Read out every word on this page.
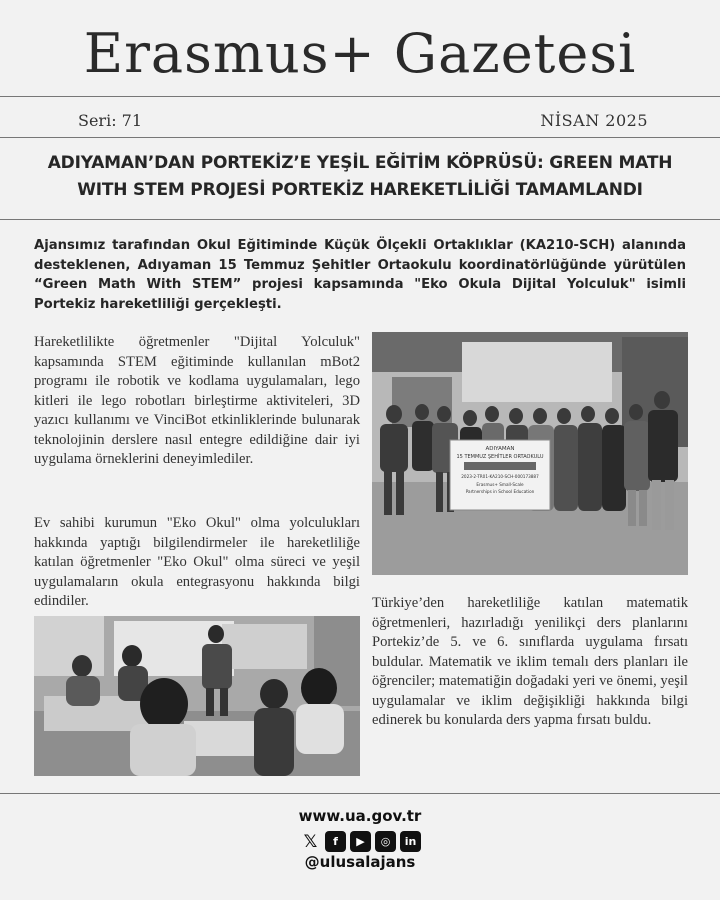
Erasmus+ Gazetesi
Seri: 71	NİSAN 2025
ADIYAMAN’DAN PORTEKİZ’E YEŞİL EĞİTİM KÖPRÜSÜ: GREEN MATH
WITH STEM PROJESİ PORTEKİZ HAREKETLİLİĞİ TAMAMLANDI

Ajansımız tarafından Okul Eğitiminde Küçük Ölçekli Ortaklıklar (KA210-SCH) alanında desteklenen, Adıyaman 15 Temmuz Şehitler Ortaokulu koordinatörlüğünde yürütülen “Green Math With STEM” projesi kapsamında "Eko Okula Dijital Yolculuk" isimli Portekiz hareketliliği gerçekleşti.

Hareketlilikte öğretmenler "Dijital Yolculuk" kapsamında STEM eğitiminde kullanılan mBot2 programı ile robotik ve kodlama uygulamaları, lego kitleri ile lego robotları birleştirme aktiviteleri, 3D yazıcı kullanımı ve VinciBot etkinliklerinde bulunarak teknolojinin derslere nasıl entegre edildiğine dair iyi uygulama örneklerini deneyimlediler.

Ev sahibi kurumun "Eko Okul" olma yolculukları hakkında yaptığı bilgilendirmeler ile hareketliliğe katılan öğretmenler "Eko Okul" olma süreci ve yeşil uygulamaların okula entegrasyonu hakkında bilgi edindiler.	Türkiye’den hareketliliğe katılan matematik öğretmenleri, hazırladığı yenilikçi ders planlarını Portekiz’de 5. ve 6. sınıflarda uygulama fırsatı buldular. Matematik ve iklim temalı ders planları ile öğrenciler; matematiğin doğadaki yeri ve önemi, yeşil uygulamalar ve iklim değişikliği hakkında bilgi edinerek bu konularda ders yapma fırsatı buldu.

ADIYAMAN
15 TEMMUZ ŞEHİTLER ORTAOKULU
2023-2-TR01-KA210-SCH-000173887
Erasmus+ Small-Scale
Partnerships in School Education
www.ua.gov.tr
𝕏	f	▶	◎	in
@ulusalajans
